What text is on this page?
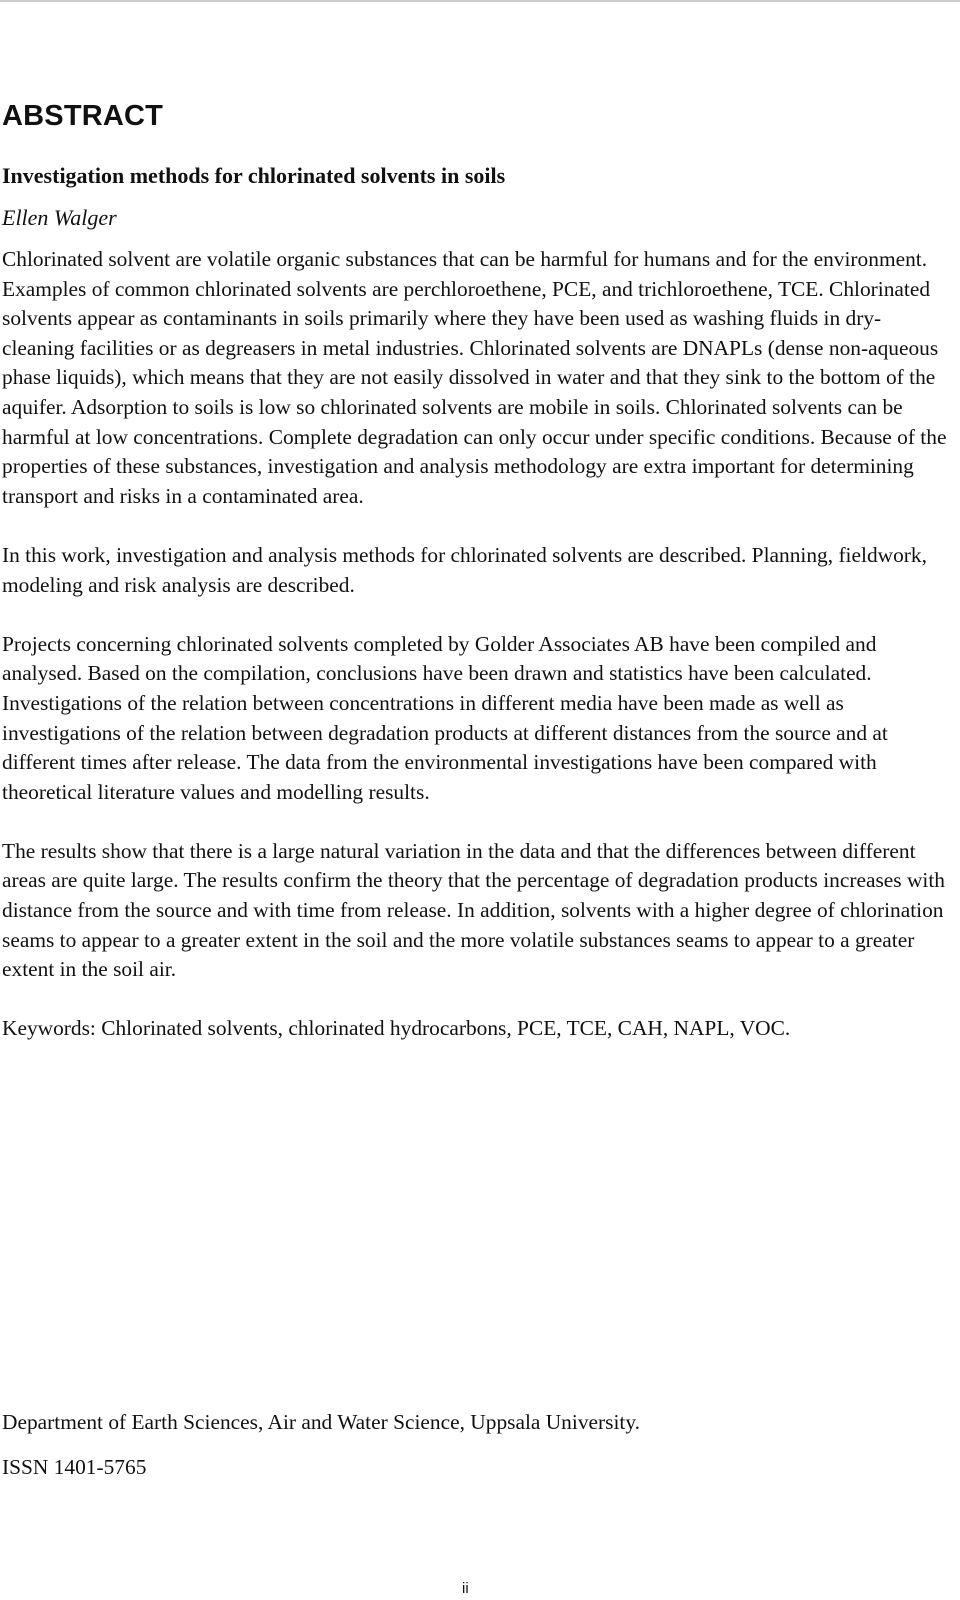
ABSTRACT
Investigation methods for chlorinated solvents in soils

Ellen Walger

Chlorinated solvent are volatile organic substances that can be harmful for humans and for the environment. Examples of common chlorinated solvents are perchloroethene, PCE, and trichloroethene, TCE. Chlorinated solvents appear as contaminants in soils primarily where they have been used as washing fluids in dry-cleaning facilities or as degreasers in metal industries. Chlorinated solvents are DNAPLs (dense non-aqueous phase liquids), which means that they are not easily dissolved in water and that they sink to the bottom of the aquifer. Adsorption to soils is low so chlorinated solvents are mobile in soils. Chlorinated solvents can be harmful at low concentrations. Complete degradation can only occur under specific conditions. Because of the properties of these substances, investigation and analysis methodology are extra important for determining transport and risks in a contaminated area.

In this work, investigation and analysis methods for chlorinated solvents are described. Planning, fieldwork, modeling and risk analysis are described.

Projects concerning chlorinated solvents completed by Golder Associates AB have been compiled and analysed. Based on the compilation, conclusions have been drawn and statistics have been calculated. Investigations of the relation between concentrations in different media have been made as well as investigations of the relation between degradation products at different distances from the source and at different times after release. The data from the environmental investigations have been compared with theoretical literature values and modelling results.

The results show that there is a large natural variation in the data and that the differences between different areas are quite large. The results confirm the theory that the percentage of degradation products increases with distance from the source and with time from release. In addition, solvents with a higher degree of chlorination seams to appear to a greater extent in the soil and the more volatile substances seams to appear to a greater extent in the soil air.

Keywords: Chlorinated solvents, chlorinated hydrocarbons, PCE, TCE, CAH, NAPL, VOC.

Department of Earth Sciences, Air and Water Science, Uppsala University.

ISSN 1401-5765

ii
